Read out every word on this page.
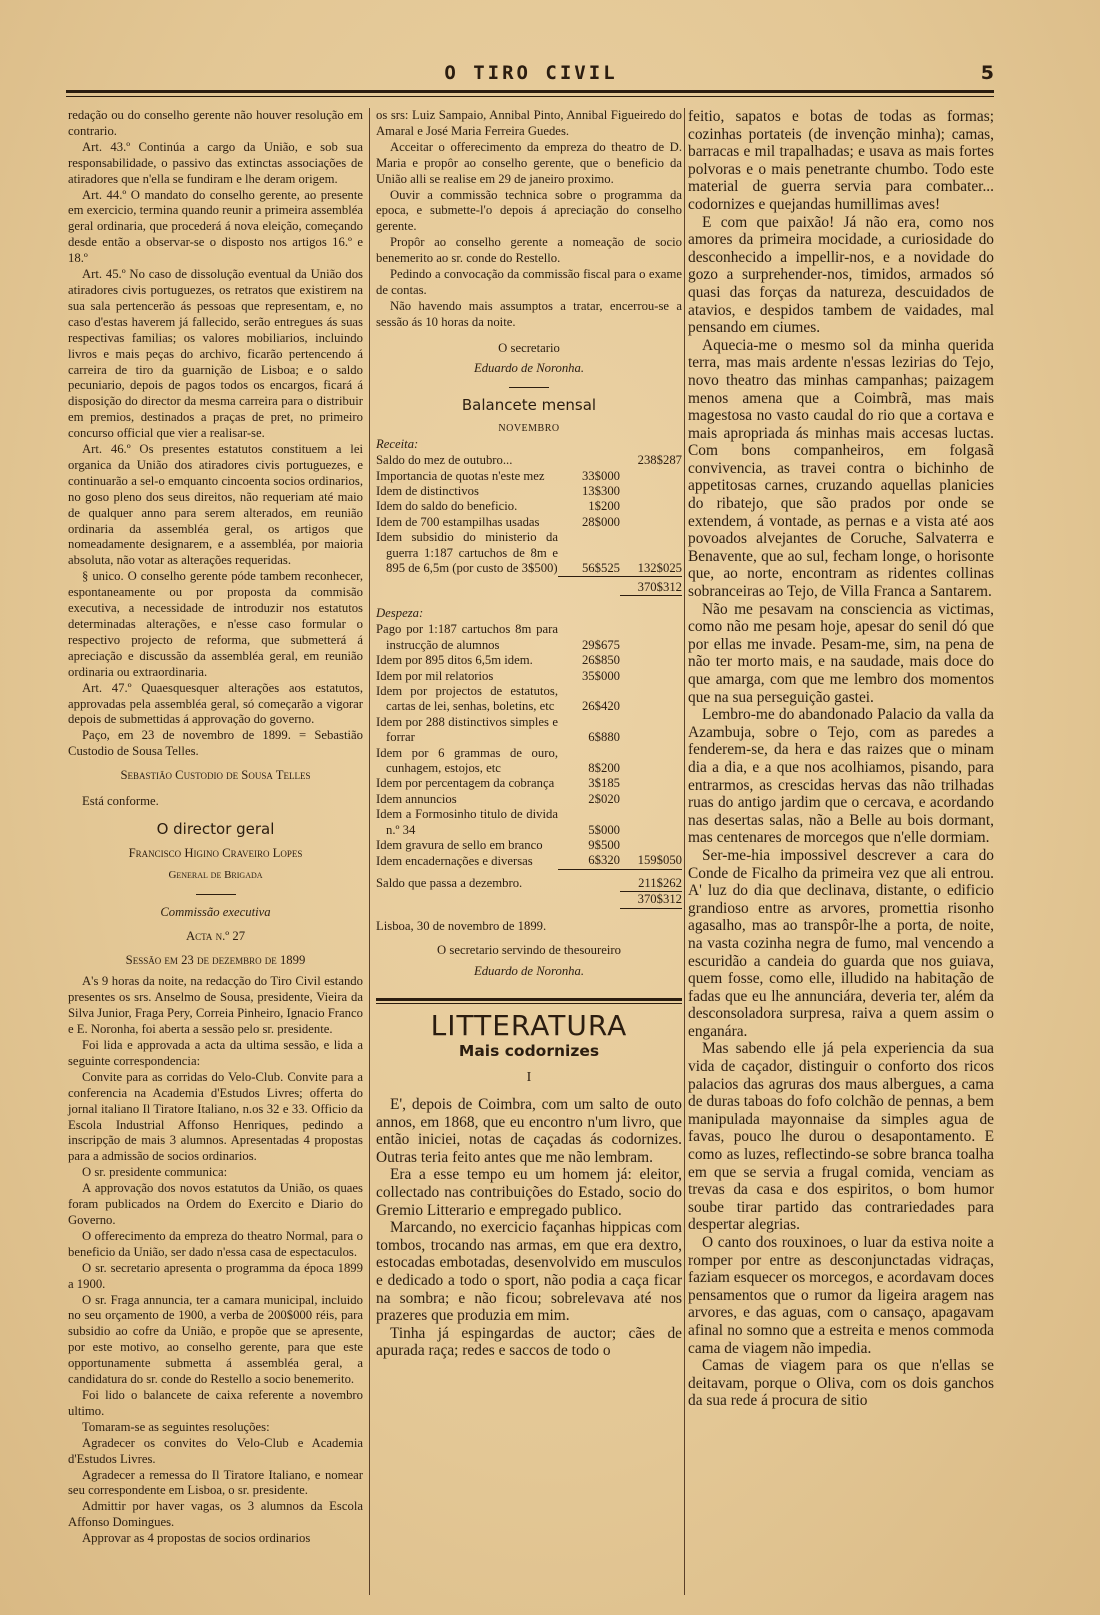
O TIRO CIVIL	5

redação ou do conselho gerente não houver resolução em contrario.

Art. 43.º Continúa a cargo da União, e sob sua responsabilidade, o passivo das extinctas associações de atiradores que n'ella se fundiram e lhe deram origem.

Art. 44.º O mandato do conselho gerente, ao presente em exercicio, termina quando reunir a primeira assembléa geral ordinaria, que procederá á nova eleição, começando desde então a observar-se o disposto nos artigos 16.º e 18.º

Art. 45.º No caso de dissolução eventual da União dos atiradores civis portuguezes, os retratos que existirem na sua sala pertencerão ás pessoas que representam, e, no caso d'estas haverem já fallecido, serão entregues ás suas respectivas familias; os valores mobiliarios, incluindo livros e mais peças do archivo, ficarão pertencendo á carreira de tiro da guarnição de Lisboa; e o saldo pecuniario, depois de pagos todos os encargos, ficará á disposição do director da mesma carreira para o distribuir em premios, destinados a praças de pret, no primeiro concurso official que vier a realisar-se.

Art. 46.º Os presentes estatutos constituem a lei organica da União dos atiradores civis portuguezes, e continuarão a sel-o emquanto cincoenta socios ordinarios, no goso pleno dos seus direitos, não requeriam até maio de qualquer anno para serem alterados, em reunião ordinaria da assembléa geral, os artigos que nomeadamente designarem, e a assembléa, por maioria absoluta, não votar as alterações requeridas.

§ unico. O conselho gerente póde tambem reconhecer, espontaneamente ou por proposta da commisão executiva, a necessidade de introduzir nos estatutos determinadas alterações, e n'esse caso formular o respectivo projecto de reforma, que submetterá á apreciação e discussão da assembléa geral, em reunião ordinaria ou extraordinaria.

Art. 47.º Quaesquesquer alterações aos estatutos, approvadas pela assembléa geral, só começarão a vigorar depois de submettidas á approvação do governo.

Paço, em 23 de novembro de 1899. = Sebastião Custodio de Sousa Telles.

Sebastião Custodio de Sousa Telles

Está conforme.

O director geral

Francisco Higino Craveiro Lopes

General de Brigada

Commissão executiva

Acta n.º 27

Sessão em 23 de dezembro de 1899

A's 9 horas da noite, na redacção do Tiro Civil estando presentes os srs. Anselmo de Sousa, presidente, Vieira da Silva Junior, Fraga Pery, Correia Pinheiro, Ignacio Franco e E. Noronha, foi aberta a sessão pelo sr. presidente.

Foi lida e approvada a acta da ultima sessão, e lida a seguinte correspondencia:

Convite para as corridas do Velo-Club. Convite para a conferencia na Academia d'Estudos Livres; offerta do jornal italiano Il Tiratore Italiano, n.os 32 e 33. Officio da Escola Industrial Affonso Henriques, pedindo a inscripção de mais 3 alumnos. Apresentadas 4 propostas para a admissão de socios ordinarios.

O sr. presidente communica:

A approvação dos novos estatutos da União, os quaes foram publicados na Ordem do Exercito e Diario do Governo.

O offerecimento da empreza do theatro Normal, para o beneficio da União, ser dado n'essa casa de espectaculos.

O sr. secretario apresenta o programma da época 1899 a 1900.

O sr. Fraga annuncia, ter a camara municipal, incluido no seu orçamento de 1900, a verba de 200$000 réis, para subsidio ao cofre da União, e propõe que se apresente, por este motivo, ao conselho gerente, para que este opportunamente submetta á assembléa geral, a candidatura do sr. conde do Restello a socio benemerito.

Foi lido o balancete de caixa referente a novembro ultimo.

Tomaram-se as seguintes resoluções:

Agradecer os convites do Velo-Club e Academia d'Estudos Livres.

Agradecer a remessa do Il Tiratore Italiano, e nomear seu correspondente em Lisboa, o sr. presidente.

Admittir por haver vagas, os 3 alumnos da Escola Affonso Domingues.

Approvar as 4 propostas de socios ordinarios

os srs: Luiz Sampaio, Annibal Pinto, Annibal Figueiredo do Amaral e José Maria Ferreira Guedes.

Acceitar o offerecimento da empreza do theatro de D. Maria e propôr ao conselho gerente, que o beneficio da União alli se realise em 29 de janeiro proximo.

Ouvir a commissão technica sobre o programma da epoca, e submette-l'o depois á apreciação do conselho gerente.

Propôr ao conselho gerente a nomeação de socio benemerito ao sr. conde do Restello.

Pedindo a convocação da commissão fiscal para o exame de contas.

Não havendo mais assumptos a tratar, encerrou-se a sessão ás 10 horas da noite.

O secretario

Eduardo de Noronha.

Balancete mensal

NOVEMBRO

Receita:

Saldo do mez de outubro...		238$287
Importancia de quotas n'este mez	33$000	
Idem de distinctivos	13$300	
Idem do saldo do beneficio.	1$200	
Idem de 700 estampilhas usadas	28$000	
Idem subsidio do ministerio da guerra 1:187 cartuchos de 8m e 895 de 6,5m (por custo de 3$500)	56$525	132$025
		370$312

Despeza:

Pago por 1:187 cartuchos 8m para instrucção de alumnos	29$675	
Idem por 895 ditos 6,5m idem.	26$850	
Idem por mil relatorios	35$000	
Idem por projectos de estatutos, cartas de lei, senhas, boletins, etc	26$420	
Idem por 288 distinctivos simples e forrar	6$880	
Idem por 6 grammas de ouro, cunhagem, estojos, etc	8$200	
Idem por percentagem da cobrança	3$185	
Idem annuncios	2$020	
Idem a Formosinho titulo de divida n.º 34	5$000	
Idem gravura de sello em branco	9$500	
Idem encadernações e diversas	6$320	159$050
Saldo que passa a dezembro.		211$262
		370$312

Lisboa, 30 de novembro de 1899.

O secretario servindo de thesoureiro

Eduardo de Noronha.

LITTERATURA
Mais codornizes

I

E', depois de Coimbra, com um salto de outo annos, em 1868, que eu encontro n'um livro, que então iniciei, notas de caçadas ás codornizes. Outras teria feito antes que me não lembram.

Era a esse tempo eu um homem já: eleitor, collectado nas contribuições do Estado, socio do Gremio Litterario e empregado publico.

Marcando, no exercicio façanhas hippicas com tombos, trocando nas armas, em que era dextro, estocadas embotadas, desenvolvido em musculos e dedicado a todo o sport, não podia a caça ficar na sombra; e não ficou; sobrelevava até nos prazeres que produzia em mim.

Tinha já espingardas de auctor; cães de apurada raça; redes e saccos de todo o

feitio, sapatos e botas de todas as formas; cozinhas portateis (de invenção minha); camas, barracas e mil trapalhadas; e usava as mais fortes polvoras e o mais penetrante chumbo. Todo este material de guerra servia para combater... codornizes e quejandas humillimas aves!

E com que paixão! Já não era, como nos amores da primeira mocidade, a curiosidade do desconhecido a impellir-nos, e a novidade do gozo a surprehender-nos, timidos, armados só quasi das forças da natureza, descuidados de atavios, e despidos tambem de vaidades, mal pensando em ciumes.

Aquecia-me o mesmo sol da minha querida terra, mas mais ardente n'essas lezirias do Tejo, novo theatro das minhas campanhas; paizagem menos amena que a Coimbrã, mas mais magestosa no vasto caudal do rio que a cortava e mais apropriada ás minhas mais accesas luctas. Com bons companheiros, em folgasã convivencia, as travei contra o bichinho de appetitosas carnes, cruzando aquellas planicies do ribatejo, que são prados por onde se extendem, á vontade, as pernas e a vista até aos povoados alvejantes de Coruche, Salvaterra e Benavente, que ao sul, fecham longe, o horisonte que, ao norte, encontram as ridentes collinas sobranceiras ao Tejo, de Villa Franca a Santarem.

Não me pesavam na consciencia as victimas, como não me pesam hoje, apesar do senil dó que por ellas me invade. Pesam-me, sim, na pena de não ter morto mais, e na saudade, mais doce do que amarga, com que me lembro dos momentos que na sua perseguição gastei.

Lembro-me do abandonado Palacio da valla da Azambuja, sobre o Tejo, com as paredes a fenderem-se, da hera e das raizes que o minam dia a dia, e a que nos acolhiamos, pisando, para entrarmos, as crescidas hervas das não trilhadas ruas do antigo jardim que o cercava, e acordando nas desertas salas, não a Belle au bois dormant, mas centenares de morcegos que n'elle dormiam.

Ser-me-hia impossivel descrever a cara do Conde de Ficalho da primeira vez que ali entrou. A' luz do dia que declinava, distante, o edificio grandioso entre as arvores, promettia risonho agasalho, mas ao transpôr-lhe a porta, de noite, na vasta cozinha negra de fumo, mal vencendo a escuridão a candeia do guarda que nos guiava, quem fosse, como elle, illudido na habitação de fadas que eu lhe annunciára, deveria ter, além da desconsoladora surpresa, raiva a quem assim o enganára.

Mas sabendo elle já pela experiencia da sua vida de caçador, distinguir o conforto dos ricos palacios das agruras dos maus albergues, a cama de duras taboas do fofo colchão de pennas, a bem manipulada mayonnaise da simples agua de favas, pouco lhe durou o desapontamento. E como as luzes, reflectindo-se sobre branca toalha em que se servia a frugal comida, venciam as trevas da casa e dos espiritos, o bom humor soube tirar partido das contrariedades para despertar alegrias.

O canto dos rouxinoes, o luar da estiva noite a romper por entre as desconjunctadas vidraças, faziam esquecer os morcegos, e acordavam doces pensamentos que o rumor da ligeira aragem nas arvores, e das aguas, com o cansaço, apagavam afinal no somno que a estreita e menos commoda cama de viagem não impedia.

Camas de viagem para os que n'ellas se deitavam, porque o Oliva, com os dois ganchos da sua rede á procura de sitio
